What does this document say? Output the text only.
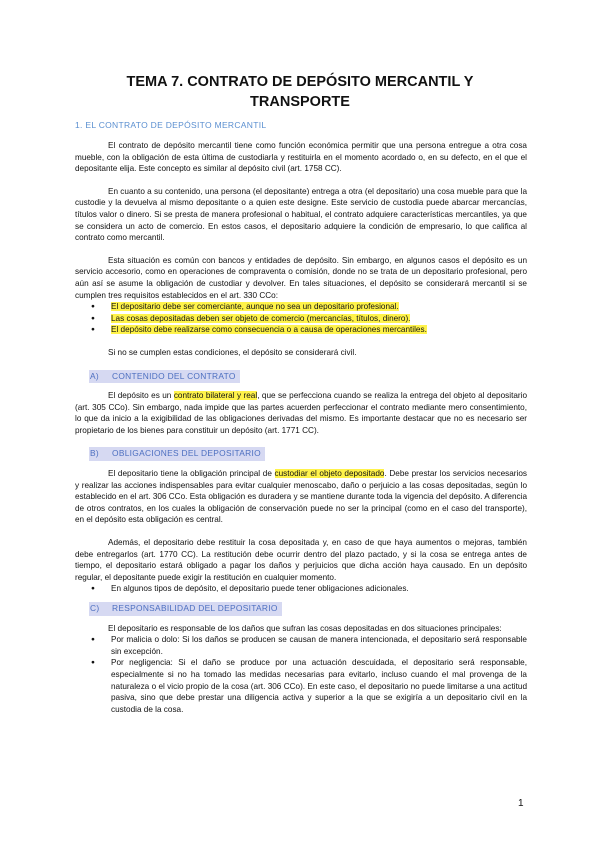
TEMA 7. CONTRATO DE DEPÓSITO MERCANTIL Y
TRANSPORTE
1. EL CONTRATO DE DEPÓSITO MERCANTIL

El contrato de depósito mercantil tiene como función económica permitir que una persona entregue a otra cosa mueble, con la obligación de esta última de custodiarla y restituirla en el momento acordado o, en su defecto, en el que el depositante elija. Este concepto es similar al depósito civil (art. 1758 CC).

En cuanto a su contenido, una persona (el depositante) entrega a otra (el depositario) una cosa mueble para que la custodie y la devuelva al mismo depositante o a quien este designe. Este servicio de custodia puede abarcar mercancías, títulos valor o dinero. Si se presta de manera profesional o habitual, el contrato adquiere características mercantiles, ya que se considera un acto de comercio. En estos casos, el depositario adquiere la condición de empresario, lo que califica al contrato como mercantil.

Esta situación es común con bancos y entidades de depósito. Sin embargo, en algunos casos el depósito es un servicio accesorio, como en operaciones de compraventa o comisión, donde no se trata de un depositario profesional, pero aún así se asume la obligación de custodiar y devolver. En tales situaciones, el depósito se considerará mercantil si se cumplen tres requisitos establecidos en el art. 330 CCo:

● El depositario debe ser comerciante, aunque no sea un depositario profesional.
● Las cosas depositadas deben ser objeto de comercio (mercancías, títulos, dinero).
● El depósito debe realizarse como consecuencia o a causa de operaciones mercantiles.

Si no se cumplen estas condiciones, el depósito se considerará civil.

A) CONTENIDO DEL CONTRATO

El depósito es un contrato bilateral y real, que se perfecciona cuando se realiza la entrega del objeto al depositario (art. 305 CCo). Sin embargo, nada impide que las partes acuerden perfeccionar el contrato mediante mero consentimiento, lo que da inicio a la exigibilidad de las obligaciones derivadas del mismo. Es importante destacar que no es necesario ser propietario de los bienes para constituir un depósito (art. 1771 CC).

B) OBLIGACIONES DEL DEPOSITARIO

El depositario tiene la obligación principal de custodiar el objeto depositado. Debe prestar los servicios necesarios y realizar las acciones indispensables para evitar cualquier menoscabo, daño o perjuicio a las cosas depositadas, según lo establecido en el art. 306 CCo. Esta obligación es duradera y se mantiene durante toda la vigencia del depósito. A diferencia de otros contratos, en los cuales la obligación de conservación puede no ser la principal (como en el caso del transporte), en el depósito esta obligación es central.

Además, el depositario debe restituir la cosa depositada y, en caso de que haya aumentos o mejoras, también debe entregarlos (art. 1770 CC). La restitución debe ocurrir dentro del plazo pactado, y si la cosa se entrega antes de tiempo, el depositario estará obligado a pagar los daños y perjuicios que dicha acción haya causado. En un depósito regular, el depositante puede exigir la restitución en cualquier momento.

● En algunos tipos de depósito, el depositario puede tener obligaciones adicionales.
C) RESPONSABILIDAD DEL DEPOSITARIO

El depositario es responsable de los daños que sufran las cosas depositadas en dos situaciones principales:

● Por malicia o dolo: Si los daños se producen se causan de manera intencionada, el depositario será responsable sin excepción.
● Por negligencia: Si el daño se produce por una actuación descuidada, el depositario será responsable, especialmente si no ha tomado las medidas necesarias para evitarlo, incluso cuando el mal provenga de la naturaleza o el vicio propio de la cosa (art. 306 CCo). En este caso, el depositario no puede limitarse a una actitud pasiva, sino que debe prestar una diligencia activa y superior a la que se exigiría a un depositario civil en la custodia de la cosa.
1
